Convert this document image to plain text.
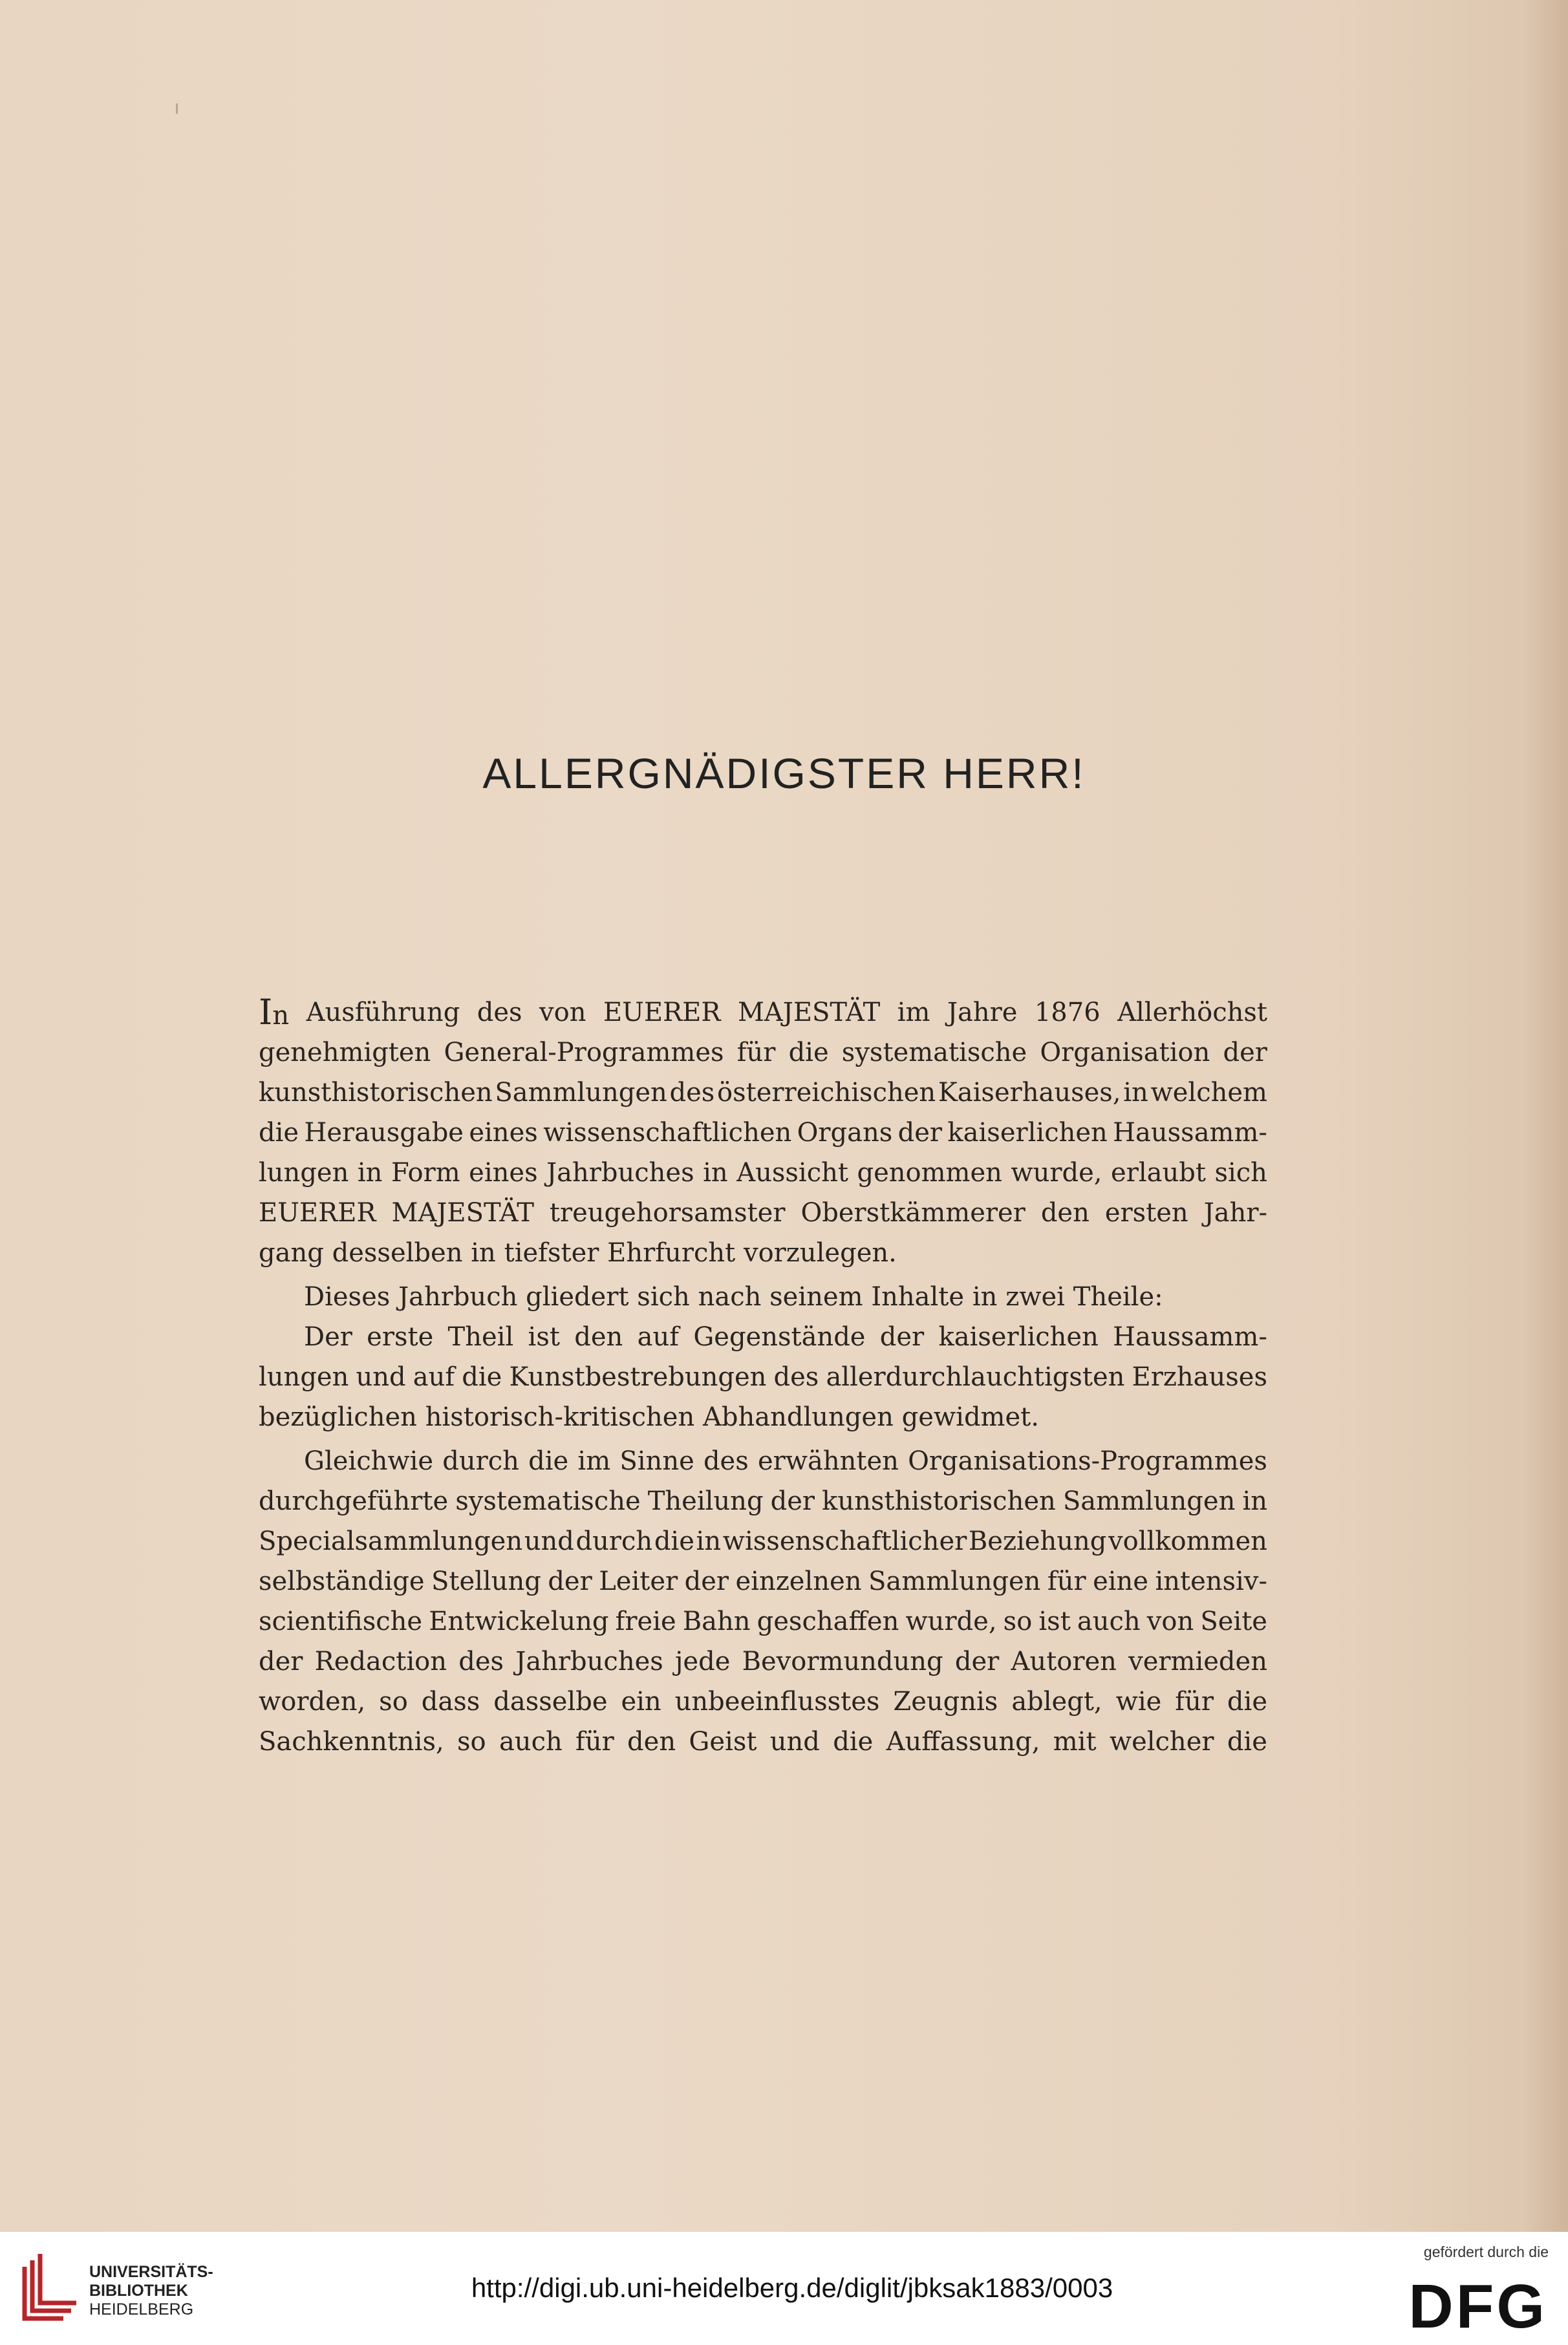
ALLERGNÄDIGSTER HERR!
In Ausführung des von EUERER MAJESTÄT im Jahre 1876 Allerhöchst
genehmigten General-Programmes für die systematische Organisation der
kunsthistorischen Sammlungen des österreichischen Kaiserhauses, in welchem
die Herausgabe eines wissenschaftlichen Organs der kaiserlichen Haussamm-
lungen in Form eines Jahrbuches in Aussicht genommen wurde, erlaubt sich
EUERER MAJESTÄT treugehorsamster Oberstkämmerer den ersten Jahr-
gang desselben in tiefster Ehrfurcht vorzulegen.
Dieses Jahrbuch gliedert sich nach seinem Inhalte in zwei Theile:
Der erste Theil ist den auf Gegenstände der kaiserlichen Haussamm-
lungen und auf die Kunstbestrebungen des allerdurchlauchtigsten Erzhauses
bezüglichen historisch-kritischen Abhandlungen gewidmet.
Gleichwie durch die im Sinne des erwähnten Organisations-Programmes
durchgeführte systematische Theilung der kunsthistorischen Sammlungen in
Specialsammlungen und durch die in wissenschaftlicher Beziehung vollkommen
selbständige Stellung der Leiter der einzelnen Sammlungen für eine intensiv-
scientifische Entwickelung freie Bahn geschaffen wurde, so ist auch von Seite
der Redaction des Jahrbuches jede Bevormundung der Autoren vermieden
worden, so dass dasselbe ein unbeeinflusstes Zeugnis ablegt, wie für die
Sachkenntnis, so auch für den Geist und die Auffassung, mit welcher die
UNIVERSITÄTS-
BIBLIOTHEK
HEIDELBERG
http://digi.ub.uni-heidelberg.de/diglit/jbksak1883/0003
gefördert durch die
DFG
